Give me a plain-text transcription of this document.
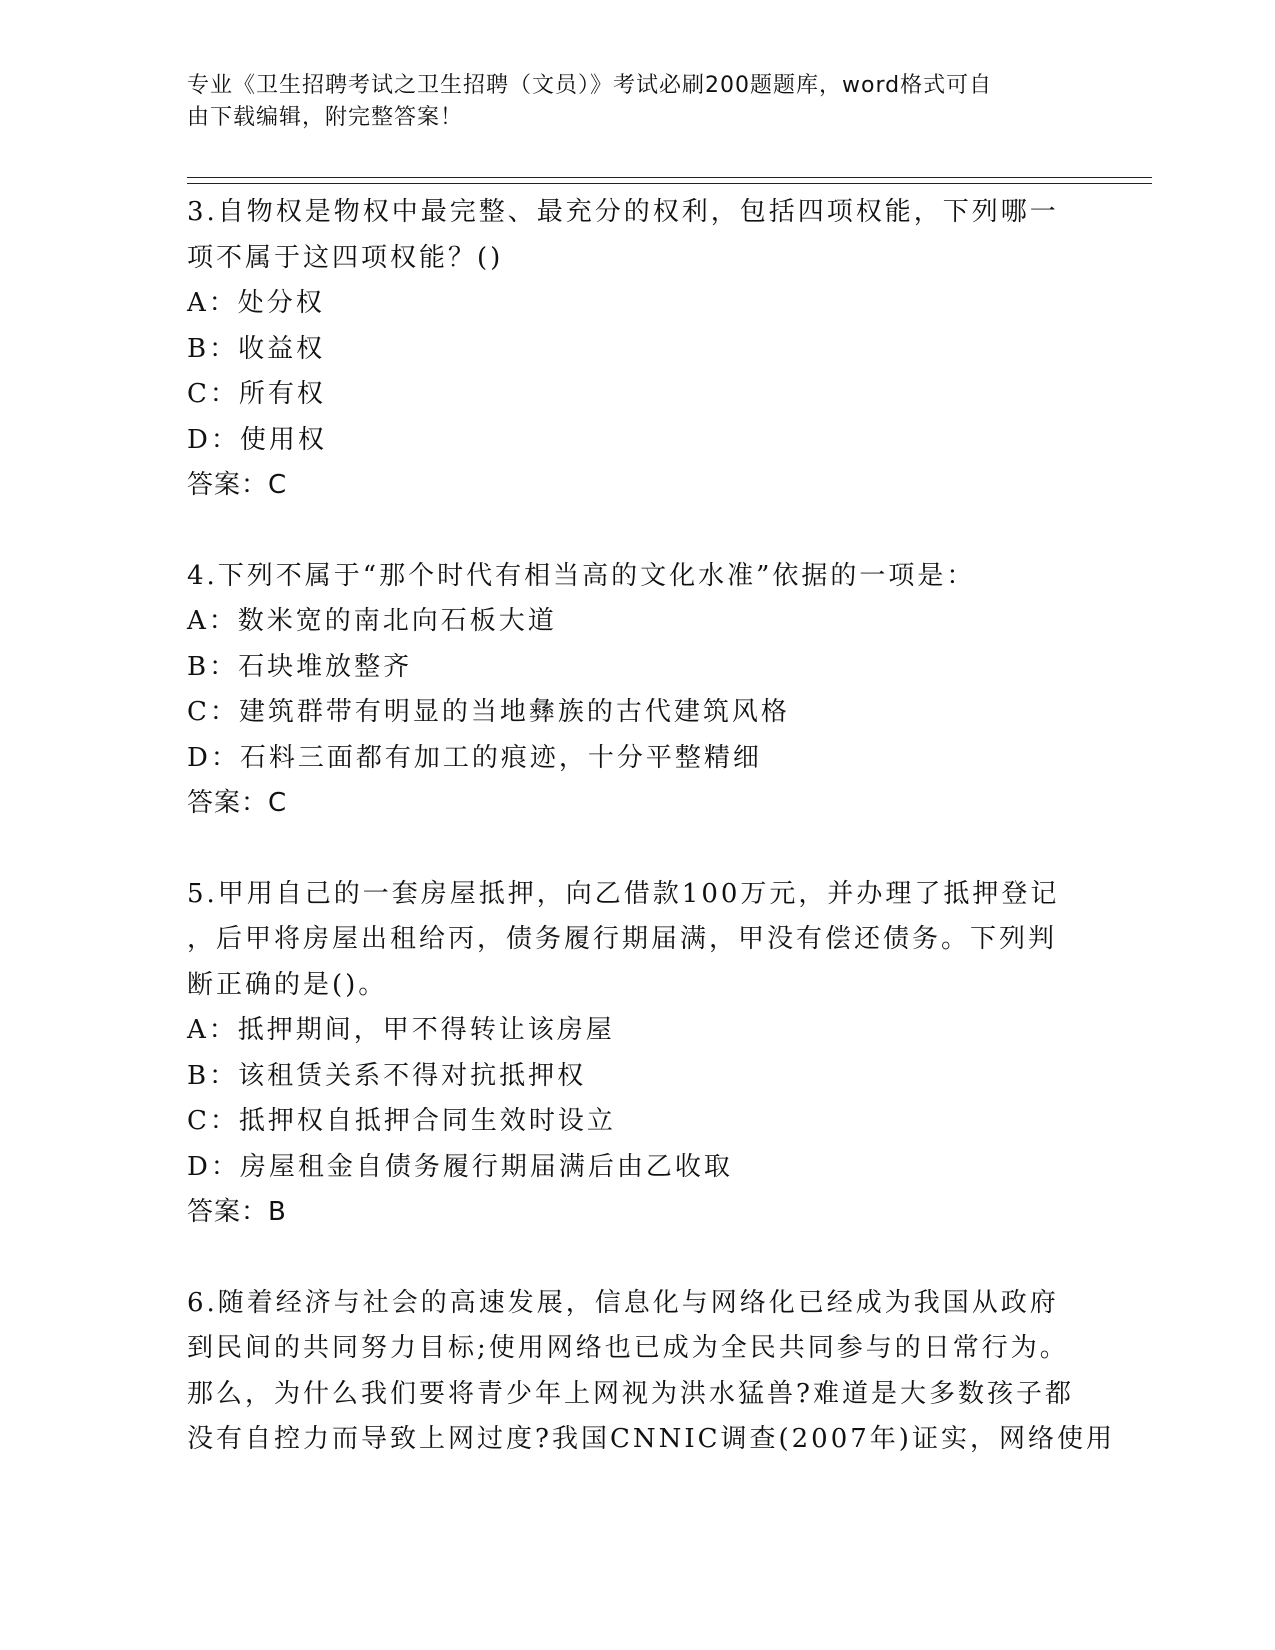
专业《卫生招聘考试之卫生招聘（文员）》考试必刷200题题库，word格式可自
由下载编辑，附完整答案！
3.自物权是物权中最完整、最充分的权利，包括四项权能，下列哪一
项不属于这四项权能？()
A：处分权
B：收益权
C：所有权
D：使用权
答案：C
4.下列不属于“那个时代有相当高的文化水准”依据的一项是：
A：数米宽的南北向石板大道
B：石块堆放整齐
C：建筑群带有明显的当地彝族的古代建筑风格
D：石料三面都有加工的痕迹，十分平整精细
答案：C
5.甲用自己的一套房屋抵押，向乙借款100万元，并办理了抵押登记
，后甲将房屋出租给丙，债务履行期届满，甲没有偿还债务。下列判
断正确的是()。
A：抵押期间，甲不得转让该房屋
B：该租赁关系不得对抗抵押权
C：抵押权自抵押合同生效时设立
D：房屋租金自债务履行期届满后由乙收取
答案：B
6.随着经济与社会的高速发展，信息化与网络化已经成为我国从政府
到民间的共同努力目标;使用网络也已成为全民共同参与的日常行为。
那么，为什么我们要将青少年上网视为洪水猛兽?难道是大多数孩子都
没有自控力而导致上网过度?我国CNNIC调查(2007年)证实，网络使用
